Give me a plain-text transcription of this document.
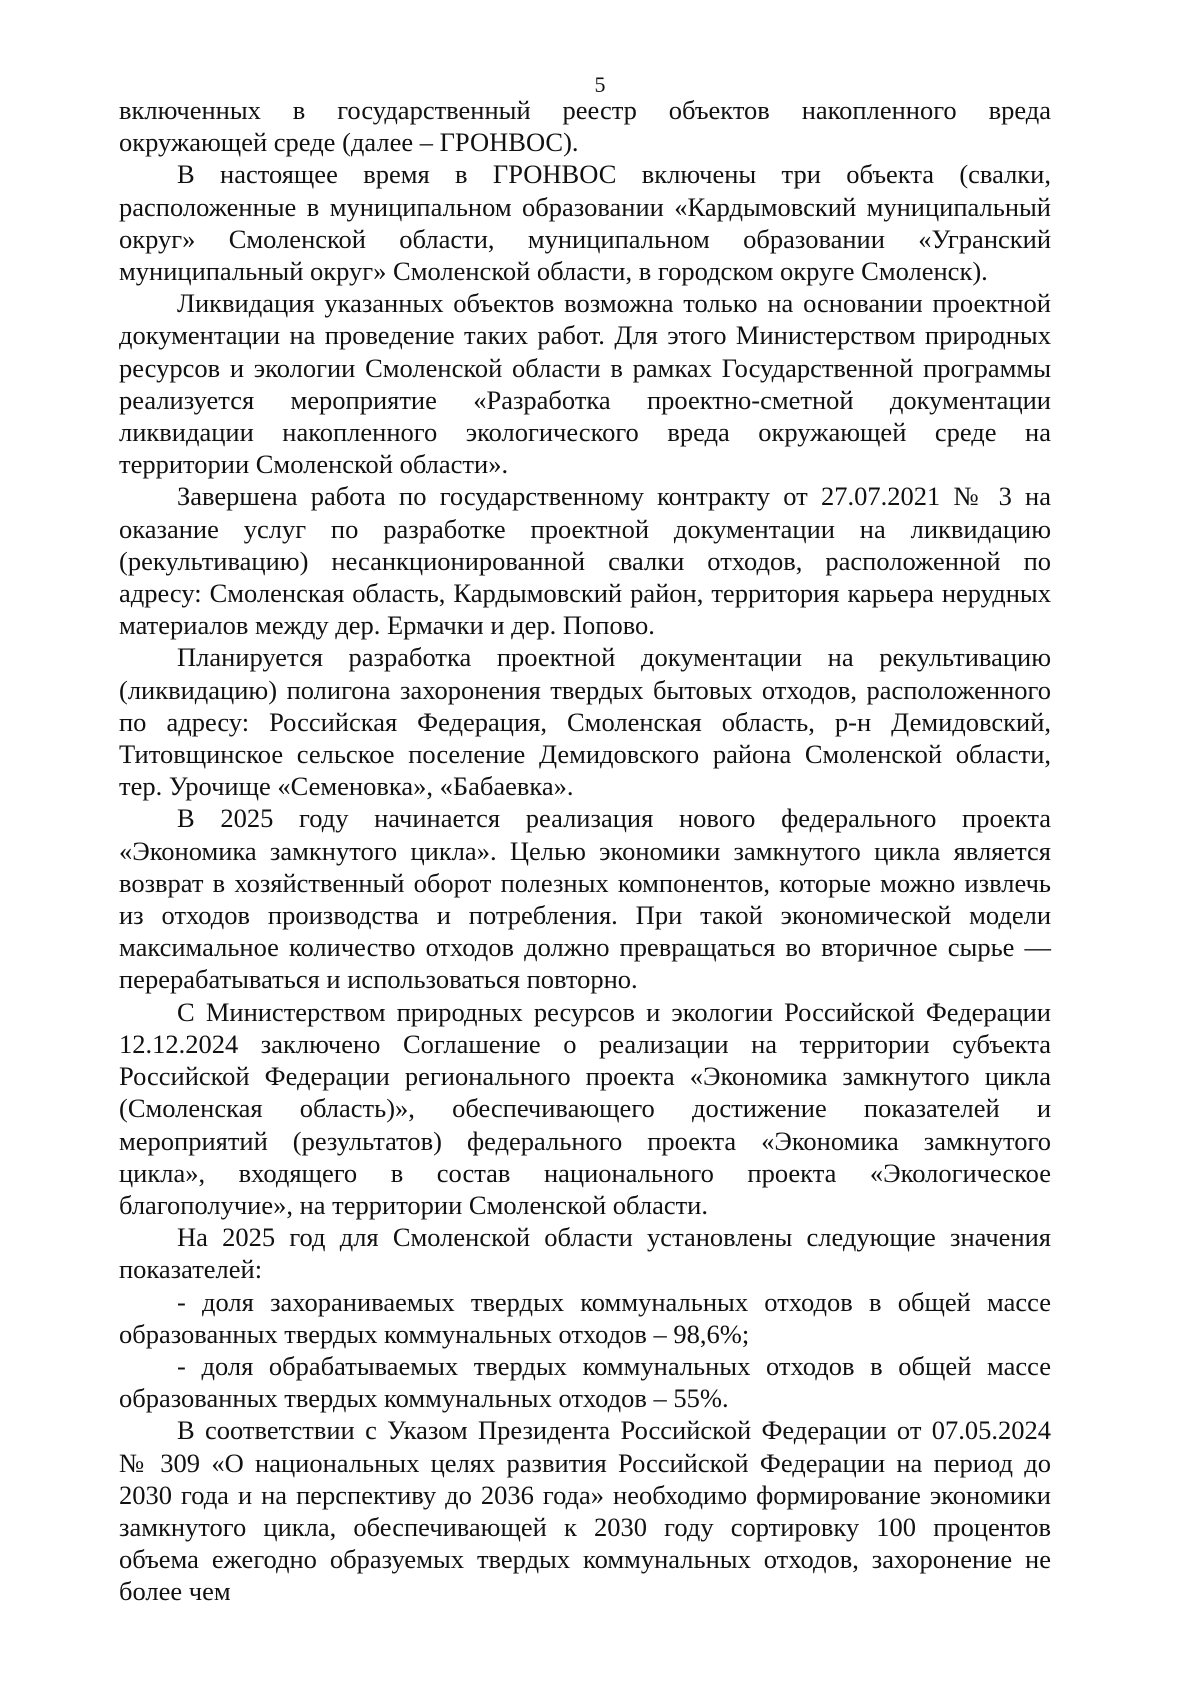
5

включенных в государственный реестр объектов накопленного вреда окружающей среде (далее – ГРОНВОС).

В настоящее время в ГРОНВОС включены три объекта (свалки, расположенные в муниципальном образовании «Кардымовский муниципальный округ» Смоленской области, муниципальном образовании «Угранский муниципальный округ» Смоленской области, в городском округе Смоленск).

Ликвидация указанных объектов возможна только на основании проектной документации на проведение таких работ. Для этого Министерством природных ресурсов и экологии Смоленской области в рамках Государственной программы реализуется мероприятие «Разработка проектно-сметной документации ликвидации накопленного экологического вреда окружающей среде на территории Смоленской области».

Завершена работа по государственному контракту от 27.07.2021 № 3 на оказание услуг по разработке проектной документации на ликвидацию (рекультивацию) несанкционированной свалки отходов, расположенной по адресу: Смоленская область, Кардымовский район, территория карьера нерудных материалов между дер. Ермачки и дер. Попово.

Планируется разработка проектной документации на рекультивацию (ликвидацию) полигона захоронения твердых бытовых отходов, расположенного по адресу: Российская Федерация, Смоленская область, р-н Демидовский, Титовщинское сельское поселение Демидовского района Смоленской области, тер. Урочище «Семеновка», «Бабаевка».

В 2025 году начинается реализация нового федерального проекта «Экономика замкнутого цикла». Целью экономики замкнутого цикла является возврат в хозяйственный оборот полезных компонентов, которые можно извлечь из отходов производства и потребления. При такой экономической модели максимальное количество отходов должно превращаться во вторичное сырье — перерабатываться и использоваться повторно.

С Министерством природных ресурсов и экологии Российской Федерации 12.12.2024 заключено Соглашение о реализации на территории субъекта Российской Федерации регионального проекта «Экономика замкнутого цикла (Смоленская область)», обеспечивающего достижение показателей и мероприятий (результатов) федерального проекта «Экономика замкнутого цикла», входящего в состав национального проекта «Экологическое благополучие», на территории Смоленской области.

На 2025 год для Смоленской области установлены следующие значения показателей:

- доля захораниваемых твердых коммунальных отходов в общей массе образованных твердых коммунальных отходов – 98,6%;

- доля обрабатываемых твердых коммунальных отходов в общей массе образованных твердых коммунальных отходов – 55%.

В соответствии с Указом Президента Российской Федерации от 07.05.2024 № 309 «О национальных целях развития Российской Федерации на период до 2030 года и на перспективу до 2036 года» необходимо формирование экономики замкнутого цикла, обеспечивающей к 2030 году сортировку 100 процентов объема ежегодно образуемых твердых коммунальных отходов, захоронение не более чем
